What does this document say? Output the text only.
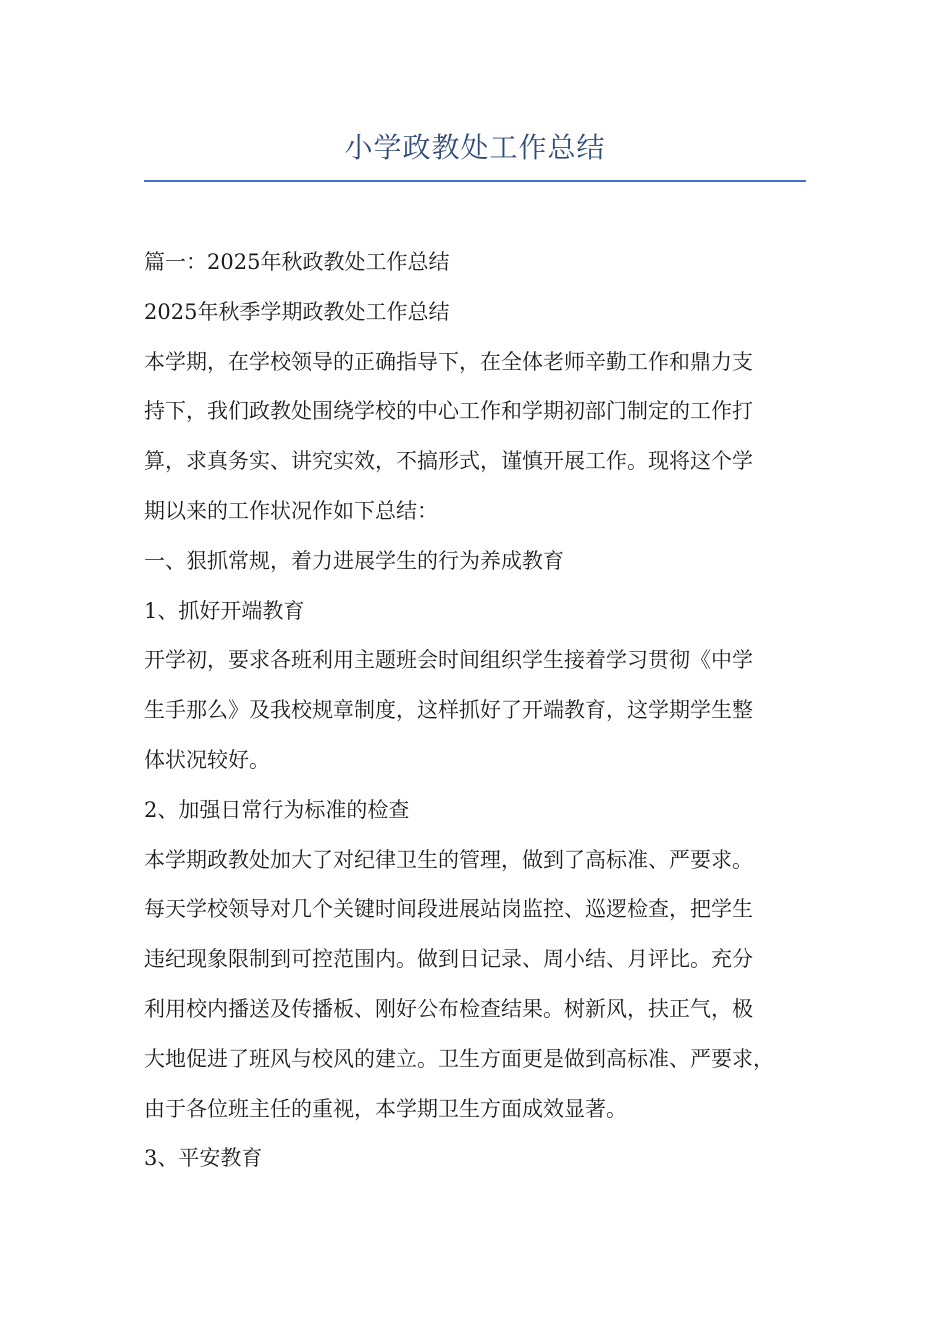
小学政教处工作总结

篇一：2025年秋政教处工作总结

2025年秋季学期政教处工作总结

本学期，在学校领导的正确指导下，在全体老师辛勤工作和鼎力支

持下，我们政教处围绕学校的中心工作和学期初部门制定的工作打

算，求真务实、讲究实效，不搞形式，谨慎开展工作。现将这个学

期以来的工作状况作如下总结：

一、狠抓常规，着力进展学生的行为养成教育

1、抓好开端教育

开学初，要求各班利用主题班会时间组织学生接着学习贯彻《中学

生手那么》及我校规章制度，这样抓好了开端教育，这学期学生整

体状况较好。

2、加强日常行为标准的检查

本学期政教处加大了对纪律卫生的管理，做到了高标准、严要求。

每天学校领导对几个关键时间段进展站岗监控、巡逻检查，把学生

违纪现象限制到可控范围内。做到日记录、周小结、月评比。充分

利用校内播送及传播板、刚好公布检查结果。树新风，扶正气，极

大地促进了班风与校风的建立。卫生方面更是做到高标准、严要求，

由于各位班主任的重视，本学期卫生方面成效显著。

3、平安教育
